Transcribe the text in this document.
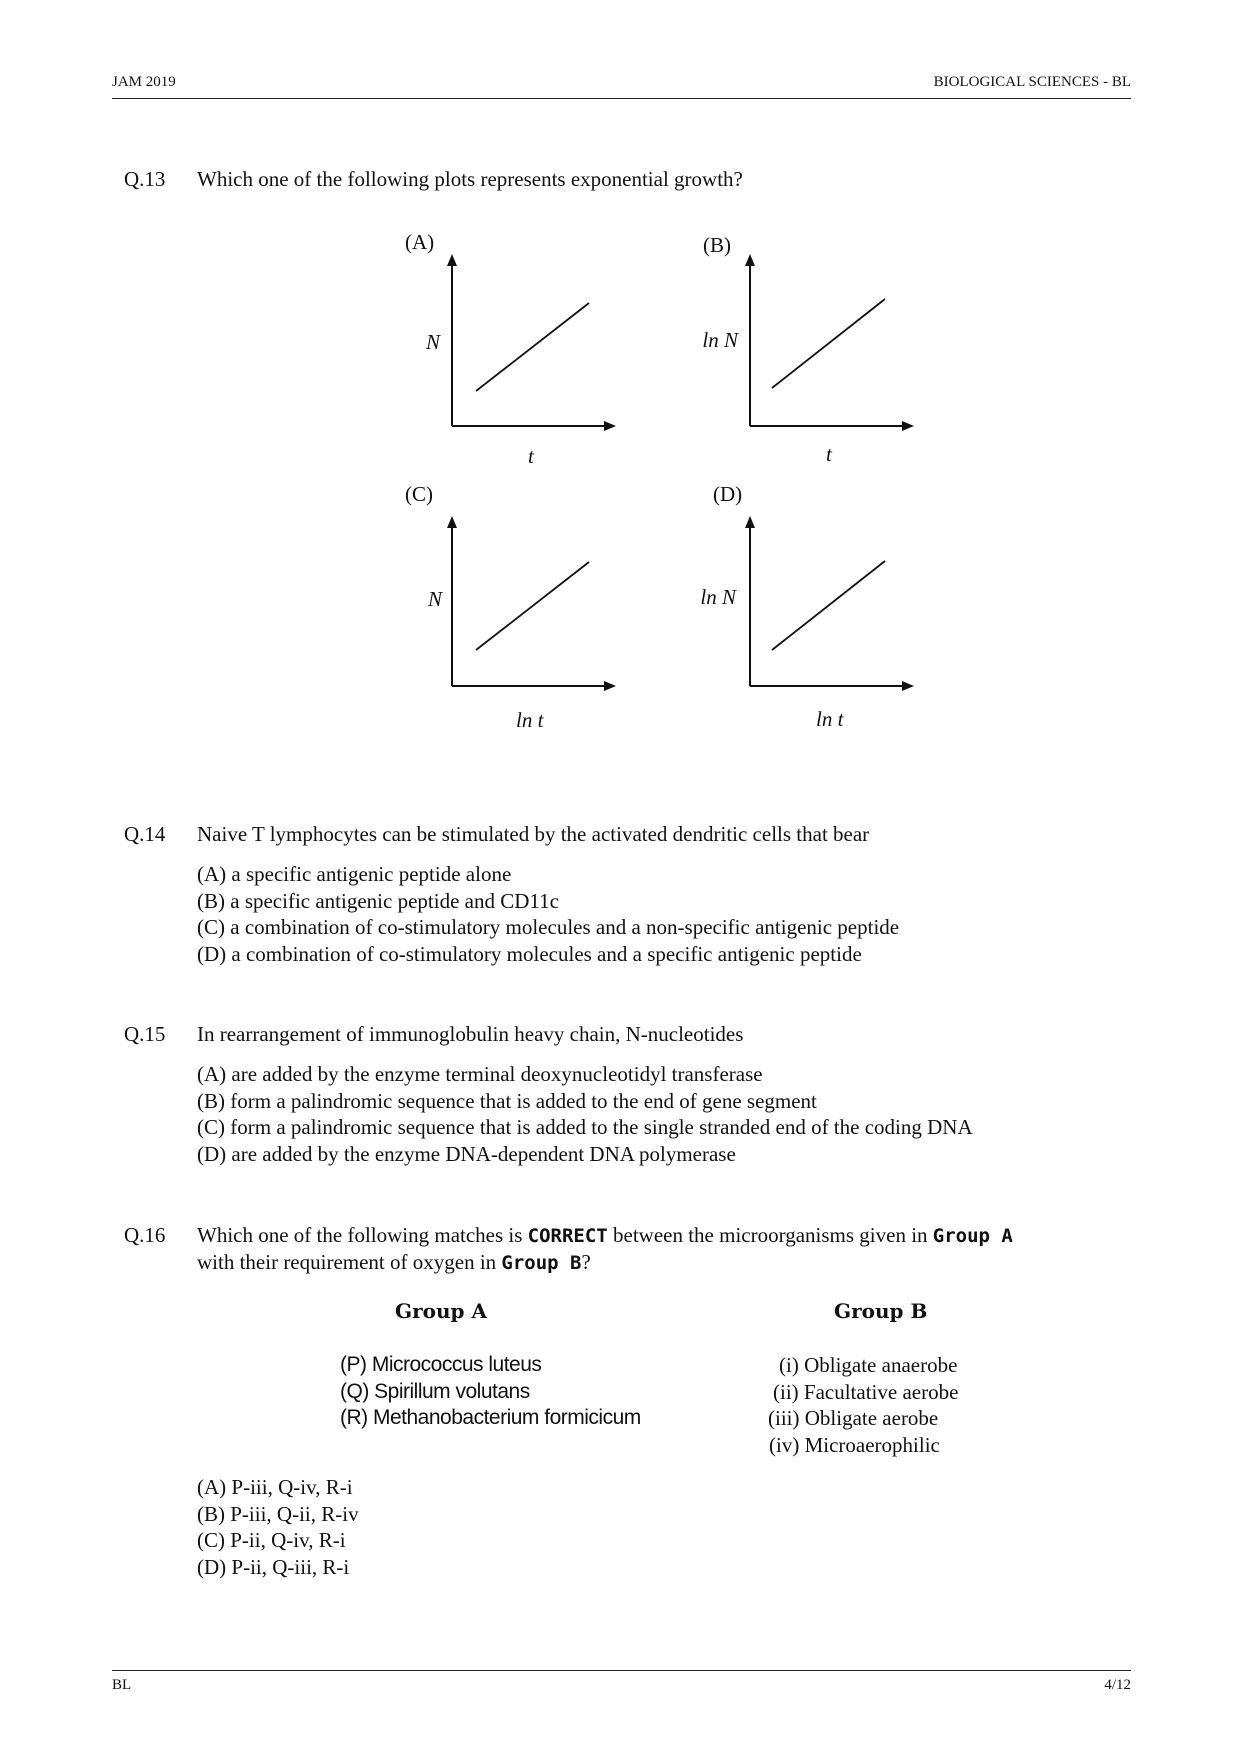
JAM 2019	BIOLOGICAL SCIENCES - BL
Q.13 Which one of the following plots represents exponential growth?
(A)
N
t
(B)
ln N
t
(C)
N
ln t
(D)
ln N
ln t
Q.14 Naive T lymphocytes can be stimulated by the activated dendritic cells that bear
(A) a specific antigenic peptide alone
(B) a specific antigenic peptide and CD11c
(C) a combination of co-stimulatory molecules and a non-specific antigenic peptide
(D) a combination of co-stimulatory molecules and a specific antigenic peptide
Q.15 In rearrangement of immunoglobulin heavy chain, N-nucleotides
(A) are added by the enzyme terminal deoxynucleotidyl transferase
(B) form a palindromic sequence that is added to the end of gene segment
(C) form a palindromic sequence that is added to the single stranded end of the coding DNA
(D) are added by the enzyme DNA-dependent DNA polymerase
Q.16 Which one of the following matches is CORRECT between the microorganisms given in Group A
with their requirement of oxygen in Group B?
Group A	Group B
(P) Micrococcus luteus
(Q) Spirillum volutans
(R) Methanobacterium formicicum
(i) Obligate anaerobe
(ii) Facultative aerobe
(iii) Obligate aerobe
(iv) Microaerophilic
(A) P-iii, Q-iv, R-i
(B) P-iii, Q-ii, R-iv
(C) P-ii, Q-iv, R-i
(D) P-ii, Q-iii, R-i
BL	4/12
